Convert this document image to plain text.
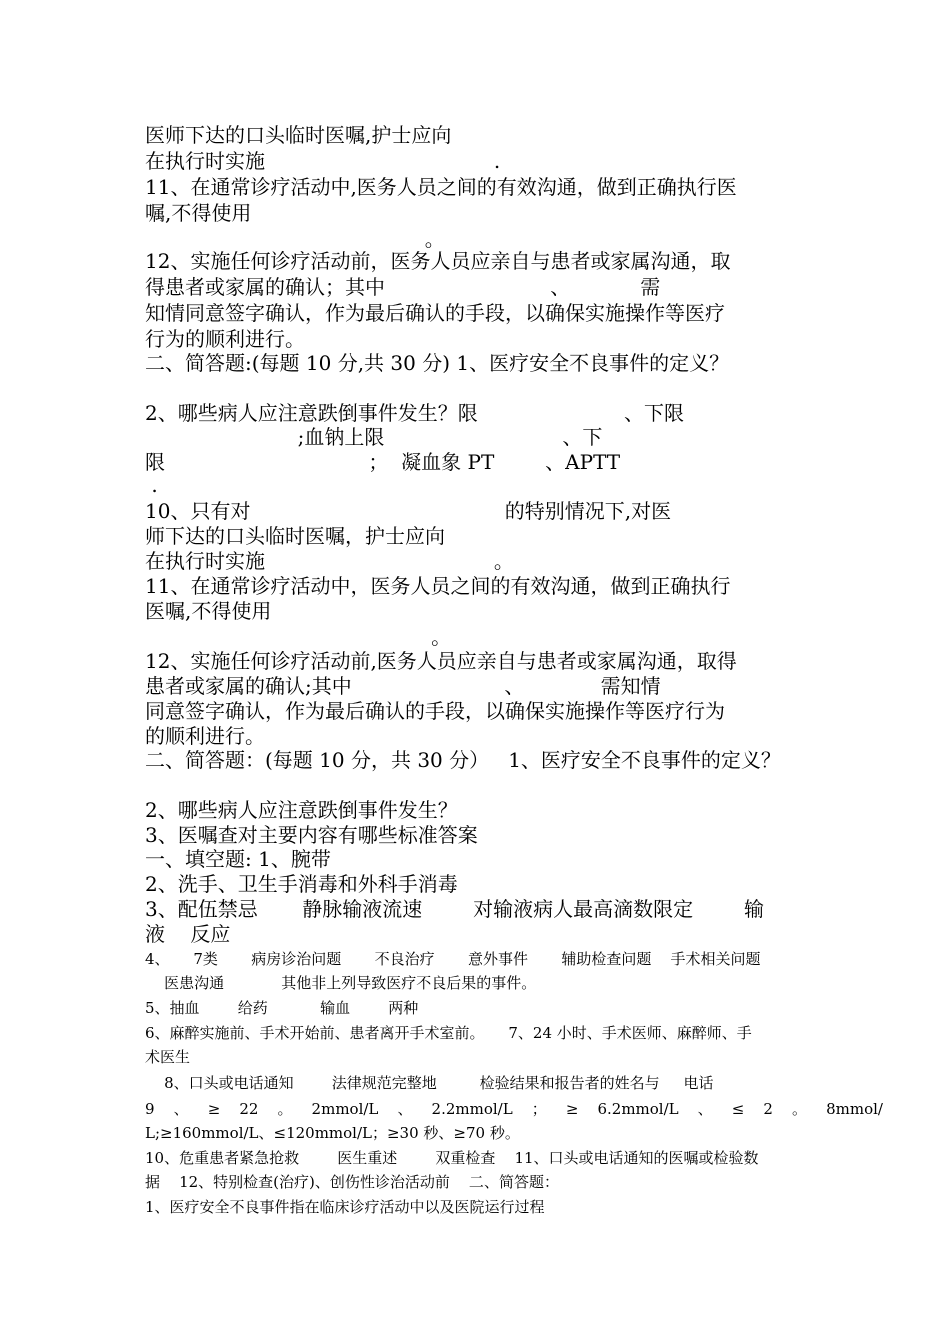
医师下达的口头临时医嘱,护士应向
在执行时实施                                    .
11、在通常诊疗活动中,医务人员之间的有效沟通，做到正确执行医
嘱,不得使用
。
12、实施任何诊疗活动前，医务人员应亲自与患者或家属沟通，取
得患者或家属的确认；其中                          、           需
知情同意签字确认，作为最后确认的手段，以确保实施操作等医疗
行为的顺利进行。
二、简答题:(每题 10 分,共 30 分) 1、医疗安全不良事件的定义？
2、哪些病人应注意跌倒事件发生？限                       、下限
;血钠上限                            、下
限                                ；  凝血象 PT        、APTT
.
10、只有对                                        的特别情况下,对医
师下达的口头临时医嘱，护士应向
在执行时实施                                    。
11、在通常诊疗活动中，医务人员之间的有效沟通，做到正确执行
医嘱,不得使用
。
12、实施任何诊疗活动前,医务人员应亲自与患者或家属沟通，取得
患者或家属的确认;其中                        、            需知情
同意签字确认，作为最后确认的手段，以确保实施操作等医疗行为
的顺利进行。
二、简答题：(每题 10 分，共 30 分）   1、医疗安全不良事件的定义？
2、哪些病人应注意跌倒事件发生？
3、医嘱查对主要内容有哪些标准答案
一、填空题: 1、腕带
2、洗手、卫生手消毒和外科手消毒
3、配伍禁忌       静脉输液流速        对输液病人最高滴数限定        输
液    反应
4、     7类       病房诊治问题       不良治疗       意外事件       辅助检查问题    手术相关问题
医患沟通            其他非上列导致医疗不良后果的事件。
5、抽血        给药           输血        两种
6、麻醉实施前、手术开始前、患者离开手术室前。     7、24 小时、手术医师、麻醉师、手
术医生
8、口头或电话通知        法律规范完整地         检验结果和报告者的姓名与     电话
9    、    ≥    22    。    2mmol/L    、    2.2mmol/L    ；    ≥    6.2mmol/L    、    ≤    2    。    8mmol/
L;≥160mmol/L、≤120mmol/L；≥30 秒、≥70 秒。
10、危重患者紧急抢救        医生重述        双重检查    11、口头或电话通知的医嘱或检验数
据    12、特别检查(治疗)、创伤性诊治活动前    二、简答题：
1、医疗安全不良事件指在临床诊疗活动中以及医院运行过程
